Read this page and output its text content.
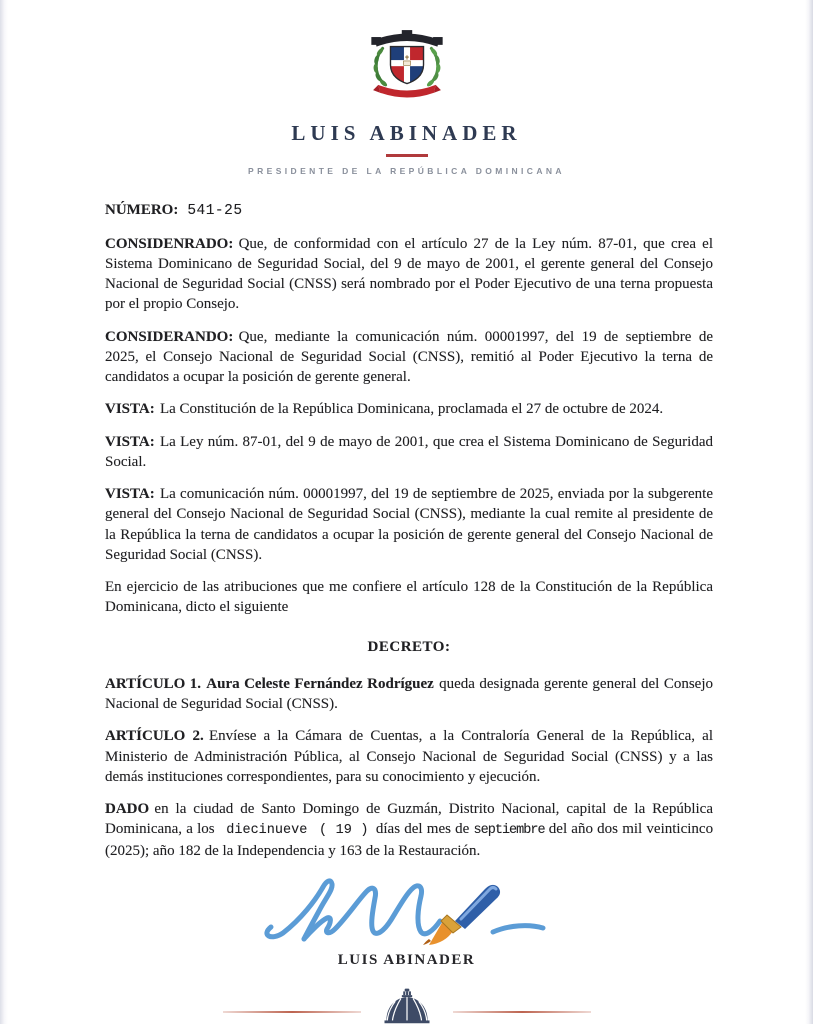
LUIS ABINADER
PRESIDENTE DE LA REPÚBLICA DOMINICANA

NÚMERO: 541-25

CONSIDENRADO: Que, de conformidad con el artículo 27 de la Ley núm. 87-01, que crea el Sistema Dominicano de Seguridad Social, del 9 de mayo de 2001, el gerente general del Consejo Nacional de Seguridad Social (CNSS) será nombrado por el Poder Ejecutivo de una terna propuesta por el propio Consejo.

CONSIDERANDO: Que, mediante la comunicación núm. 00001997, del 19 de septiembre de 2025, el Consejo Nacional de Seguridad Social (CNSS), remitió al Poder Ejecutivo la terna de candidatos a ocupar la posición de gerente general.

VISTA: La Constitución de la República Dominicana, proclamada el 27 de octubre de 2024.

VISTA: La Ley núm. 87-01, del 9 de mayo de 2001, que crea el Sistema Dominicano de Seguridad Social.

VISTA: La comunicación núm. 00001997, del 19 de septiembre de 2025, enviada por la subgerente general del Consejo Nacional de Seguridad Social (CNSS), mediante la cual remite al presidente de la República la terna de candidatos a ocupar la posición de gerente general del Consejo Nacional de Seguridad Social (CNSS).

En ejercicio de las atribuciones que me confiere el artículo 128 de la Constitución de la República Dominicana, dicto el siguiente

DECRETO:

ARTÍCULO 1. Aura Celeste Fernández Rodríguez queda designada gerente general del Consejo Nacional de Seguridad Social (CNSS).

ARTÍCULO 2. Envíese a la Cámara de Cuentas, a la Contraloría General de la República, al Ministerio de Administración Pública, al Consejo Nacional de Seguridad Social (CNSS) y a las demás instituciones correspondientes, para su conocimiento y ejecución.

DADO en la ciudad de Santo Domingo de Guzmán, Distrito Nacional, capital de la República Dominicana, a los diecinueve ( 19 ) días del mes de septiembre del año dos mil veinticinco (2025); año 182 de la Independencia y 163 de la Restauración.

LUIS ABINADER
